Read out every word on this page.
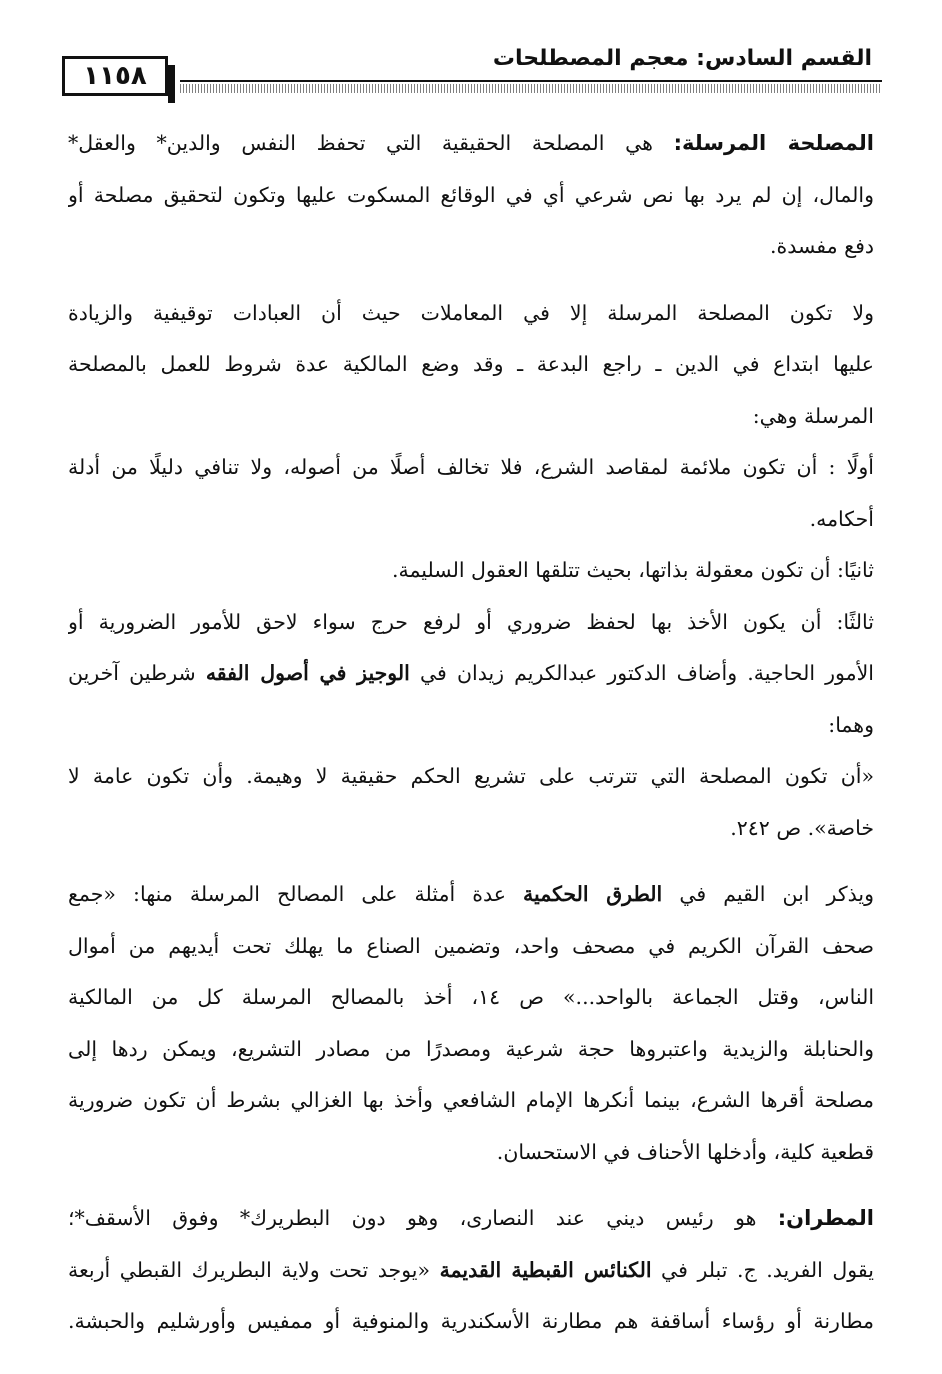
١١٥٨
القسم السادس: معجم المصطلحات
المصلحة المرسلة: هي المصلحة الحقيقية التي تحفظ النفس والدين* والعقل*
والمال، إن لم يرد بها نص شرعي أي في الوقائع المسكوت عليها وتكون لتحقيق مصلحة أو
دفع مفسدة.
ولا تكون المصلحة المرسلة إلا في المعاملات حيث أن العبادات توقيفية والزيادة
عليها ابتداع في الدين ـ راجع البدعة ـ وقد وضع المالكية عدة شروط للعمل بالمصلحة
المرسلة وهي:
أولًا : أن تكون ملائمة لمقاصد الشرع، فلا تخالف أصلًا من أصوله، ولا تنافي دليلًا من أدلة
أحكامه.
ثانيًا: أن تكون معقولة بذاتها، بحيث تتلقها العقول السليمة.
ثالثًا: أن يكون الأخذ بها لحفظ ضروري أو لرفع حرج سواء لاحق للأمور الضرورية أو
الأمور الحاجية. وأضاف الدكتور عبدالكريم زيدان في الوجيز في أصول الفقه شرطين آخرين
وهما:
«أن تكون المصلحة التي تترتب على تشريع الحكم حقيقية لا وهيمة. وأن تكون عامة لا
خاصة». ص ٢٤٢.
ويذكر ابن القيم في الطرق الحكمية عدة أمثلة على المصالح المرسلة منها: «جمع
صحف القرآن الكريم في مصحف واحد، وتضمين الصناع ما يهلك تحت أيديهم من أموال
الناس، وقتل الجماعة بالواحد...» ص ١٤، أخذ بالمصالح المرسلة كل من المالكية
والحنابلة والزيدية واعتبروها حجة شرعية ومصدرًا من مصادر التشريع، ويمكن ردها إلى
مصلحة أقرها الشرع، بينما أنكرها الإمام الشافعي وأخذ بها الغزالي بشرط أن تكون ضرورية
قطعية كلية، وأدخلها الأحناف في الاستحسان.
المطران: هو رئيس ديني عند النصارى، وهو دون البطريرك* وفوق الأسقف*؛
يقول الفريد. ج. تبلر في الكنائس القبطية القديمة «يوجد تحت ولاية البطريرك القبطي أربعة
مطارنة أو رؤساء أساقفة هم مطارنة الأسكندرية والمنوفية أو ممفيس وأورشليم والحبشة.
